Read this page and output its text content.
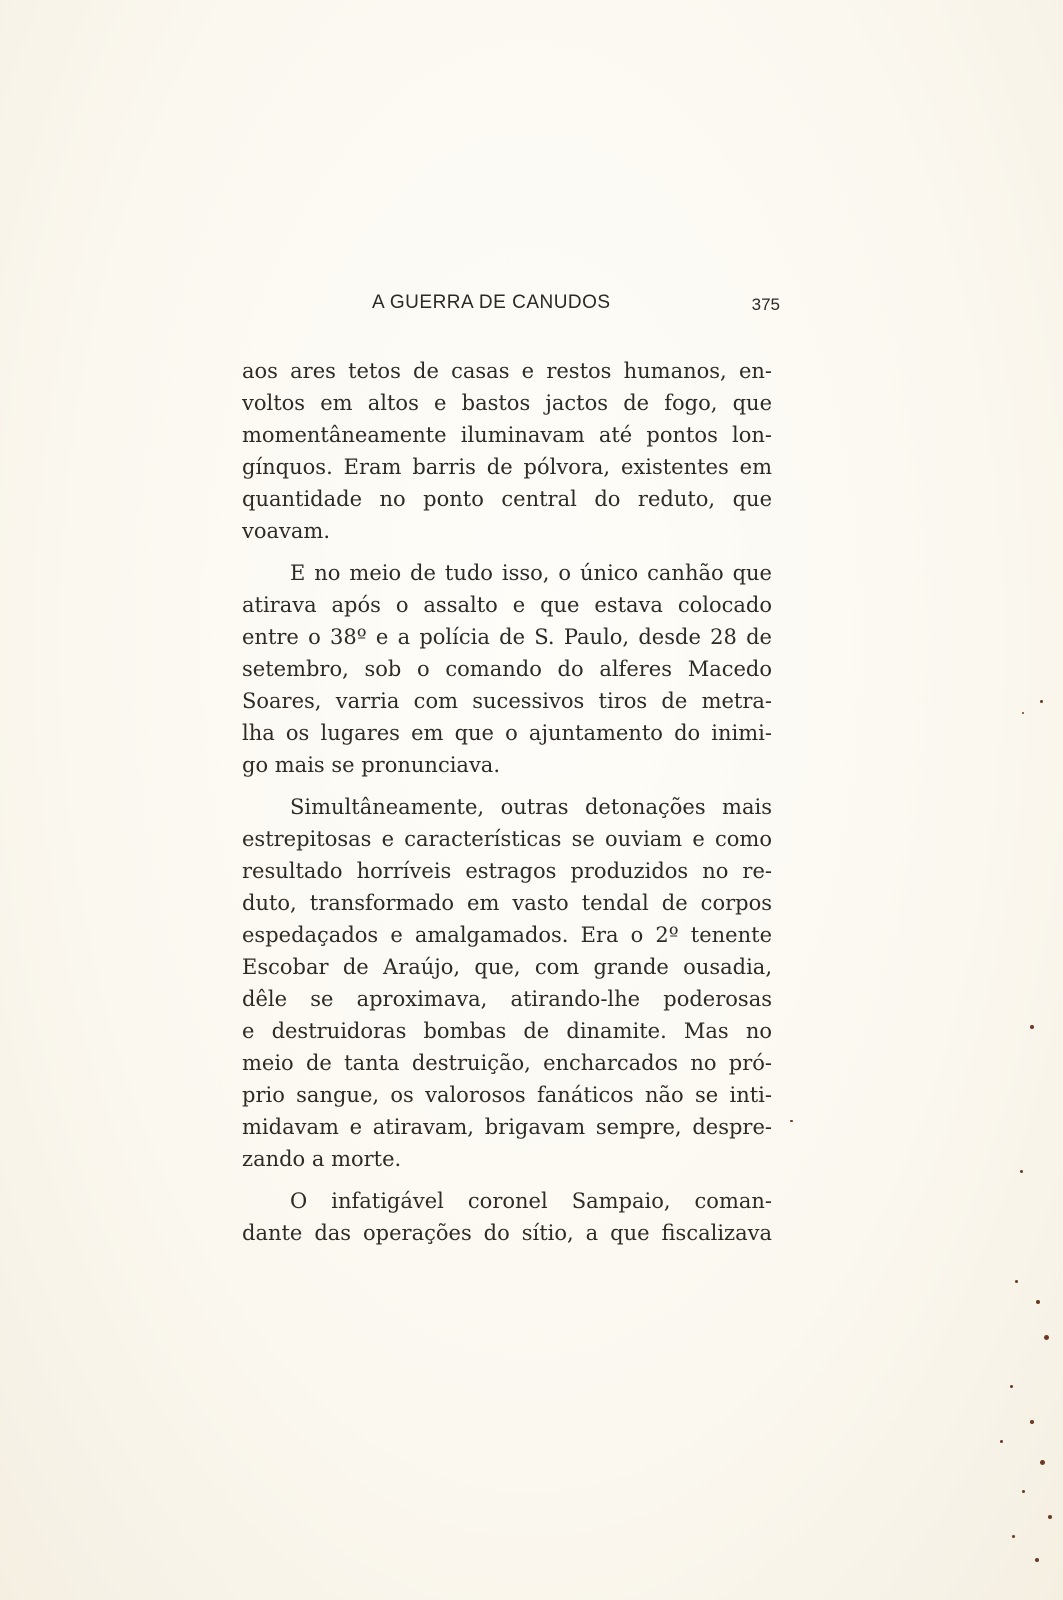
A GUERRA DE CANUDOS	375
aos ares tetos de casas e restos humanos, en-
voltos em altos e bastos jactos de fogo, que
momentâneamente iluminavam até pontos lon-
gínquos. Eram barris de pólvora, existentes em
quantidade no ponto central do reduto, que
voavam.
E no meio de tudo isso, o único canhão que
atirava após o assalto e que estava colocado
entre o 38º e a polícia de S. Paulo, desde 28 de
setembro, sob o comando do alferes Macedo
Soares, varria com sucessivos tiros de metra-
lha os lugares em que o ajuntamento do inimi-
go mais se pronunciava.
Simultâneamente, outras detonações mais
estrepitosas e características se ouviam e como
resultado horríveis estragos produzidos no re-
duto, transformado em vasto tendal de corpos
espedaçados e amalgamados. Era o 2º tenente
Escobar de Araújo, que, com grande ousadia,
dêle se aproximava, atirando-lhe poderosas
e destruidoras bombas de dinamite. Mas no
meio de tanta destruição, encharcados no pró-
prio sangue, os valorosos fanáticos não se inti-
midavam e atiravam, brigavam sempre, despre-
zando a morte.
O infatigável coronel Sampaio, coman-
dante das operações do sítio, a que fiscalizava
